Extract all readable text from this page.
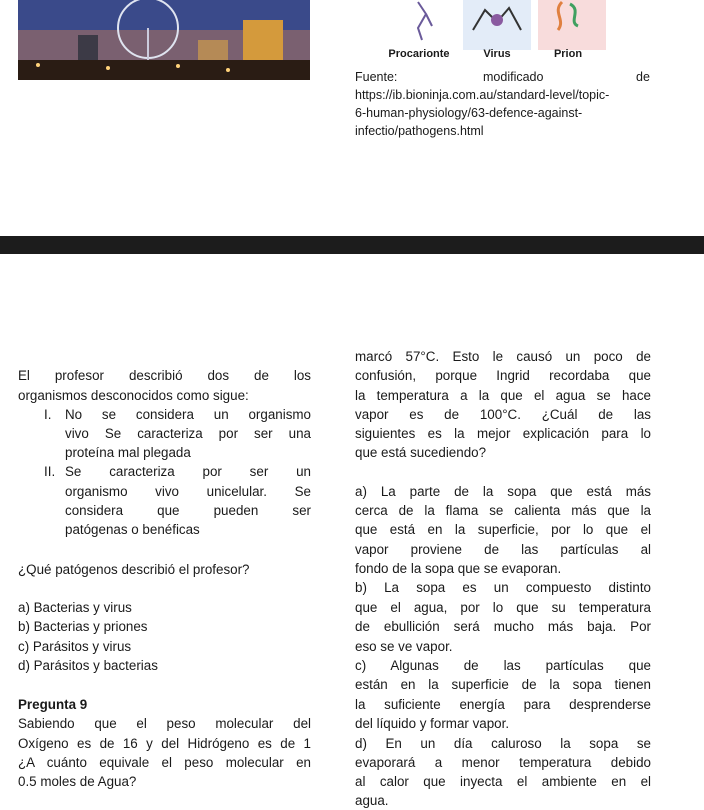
Procarionte	Virus	Prion
Fuente:	modificado	de
https://ib.bioninja.com.au/standard-level/topic-
6-human-physiology/63-defence-against-
infectio/pathogens.html
El profesor describió dos de los
organismos desconocidos como sigue:
I. No se considera un organismo
vivo Se caracteriza por ser una
proteína mal plegada
II. Se caracteriza por ser un
organismo vivo unicelular. Se
considera que pueden ser
patógenas o benéficas
¿Qué patógenos describió el profesor?
a) Bacterias y virus
b) Bacterias y priones
c) Parásitos y virus
d) Parásitos y bacterias
Pregunta 9
Sabiendo que el peso molecular del
Oxígeno es de 16 y del Hidrógeno es de 1
¿A cuánto equivale el peso molecular en
0.5 moles de Agua?
marcó 57°C. Esto le causó un poco de
confusión, porque Ingrid recordaba que
la temperatura a la que el agua se hace
vapor es de 100°C. ¿Cuál de las
siguientes es la mejor explicación para lo
que está sucediendo?
a) La parte de la sopa que está más
cerca de la flama se calienta más que la
que está en la superficie, por lo que el
vapor proviene de las partículas al
fondo de la sopa que se evaporan.
b) La sopa es un compuesto distinto
que el agua, por lo que su temperatura
de ebullición será mucho más baja. Por
eso se ve vapor.
c) Algunas de las partículas que
están en la superficie de la sopa tienen
la suficiente energía para desprenderse
del líquido y formar vapor.
d) En un día caluroso la sopa se
evaporará a menor temperatura debido
al calor que inyecta el ambiente en el
agua.
